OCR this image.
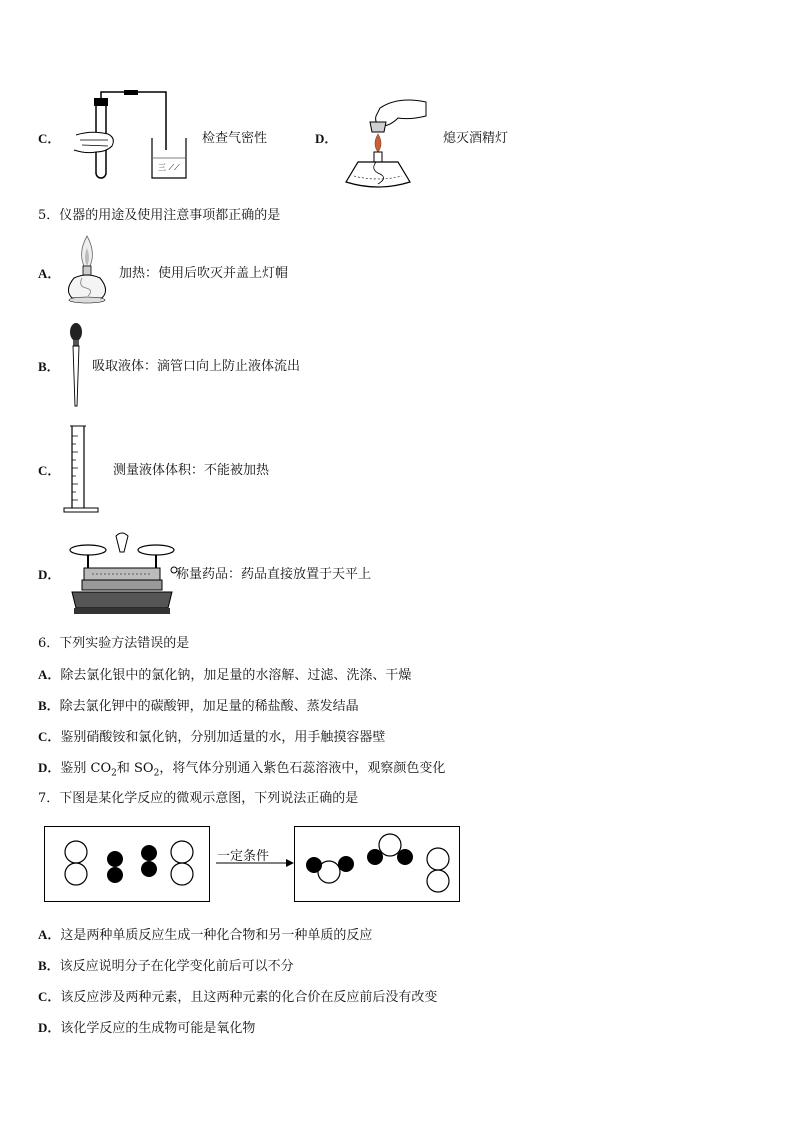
C．
三 ⟋⟋
检查气密性	D．	熄灭酒精灯
5．仪器的用途及使用注意事项都正确的是
A．	加热：使用后吹灭并盖上灯帽
B． 吸取液体：滴管口向上防止液体流出
C．	测量液体体积：不能被加热
D．	称量药品：药品直接放置于天平上
6．下列实验方法错误的是
A．除去氯化银中的氯化钠，加足量的水溶解、过滤、洗涤、干燥
B．除去氯化钾中的碳酸钾，加足量的稀盐酸、蒸发结晶
C．鉴别硝酸铵和氯化钠，分别加适量的水，用手触摸容器壁
D．鉴别 $CO_2$和 $SO_2$，将气体分别通入紫色石蕊溶液中，观察颜色变化
7．下图是某化学反应的微观示意图，下列说法正确的是
一定条件
A．这是两种单质反应生成一种化合物和另一种单质的反应
B．该反应说明分子在化学变化前后可以不分
C．该反应涉及两种元素，且这两种元素的化合价在反应前后没有改变
D．该化学反应的生成物可能是氧化物
